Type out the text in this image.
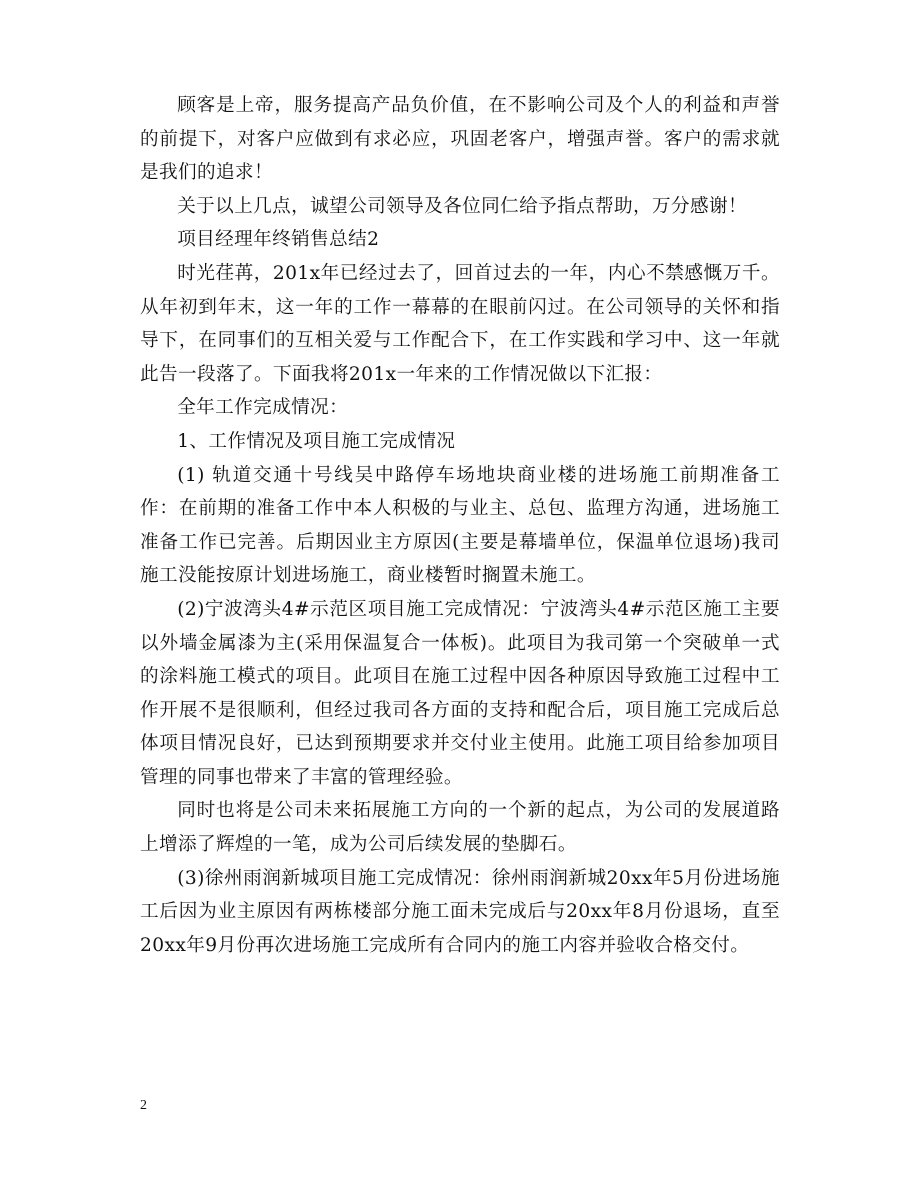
顾客是上帝，服务提高产品负价值，在不影响公司及个人的利益和声誉的前提下，对客户应做到有求必应，巩固老客户，增强声誉。客户的需求就是我们的追求！

关于以上几点，诚望公司领导及各位同仁给予指点帮助，万分感谢！

项目经理年终销售总结2

时光荏苒，201x年已经过去了，回首过去的一年，内心不禁感慨万千。从年初到年末，这一年的工作一幕幕的在眼前闪过。在公司领导的关怀和指导下，在同事们的互相关爱与工作配合下，在工作实践和学习中、这一年就此告一段落了。下面我将201x一年来的工作情况做以下汇报：

全年工作完成情况：

1、工作情况及项目施工完成情况

(1) 轨道交通十号线吴中路停车场地块商业楼的进场施工前期准备工作：在前期的准备工作中本人积极的与业主、总包、监理方沟通，进场施工准备工作已完善。后期因业主方原因(主要是幕墙单位，保温单位退场)我司施工没能按原计划进场施工，商业楼暂时搁置未施工。

(2)宁波湾头4#示范区项目施工完成情况：宁波湾头4#示范区施工主要以外墙金属漆为主(采用保温复合一体板)。此项目为我司第一个突破单一式的涂料施工模式的项目。此项目在施工过程中因各种原因导致施工过程中工作开展不是很顺利，但经过我司各方面的支持和配合后，项目施工完成后总体项目情况良好，已达到预期要求并交付业主使用。此施工项目给参加项目管理的同事也带来了丰富的管理经验。

同时也将是公司未来拓展施工方向的一个新的起点，为公司的发展道路上增添了辉煌的一笔，成为公司后续发展的垫脚石。

(3)徐州雨润新城项目施工完成情况：徐州雨润新城20xx年5月份进场施工后因为业主原因有两栋楼部分施工面未完成后与20xx年8月份退场，直至20xx年9月份再次进场施工完成所有合同内的施工内容并验收合格交付。

2
